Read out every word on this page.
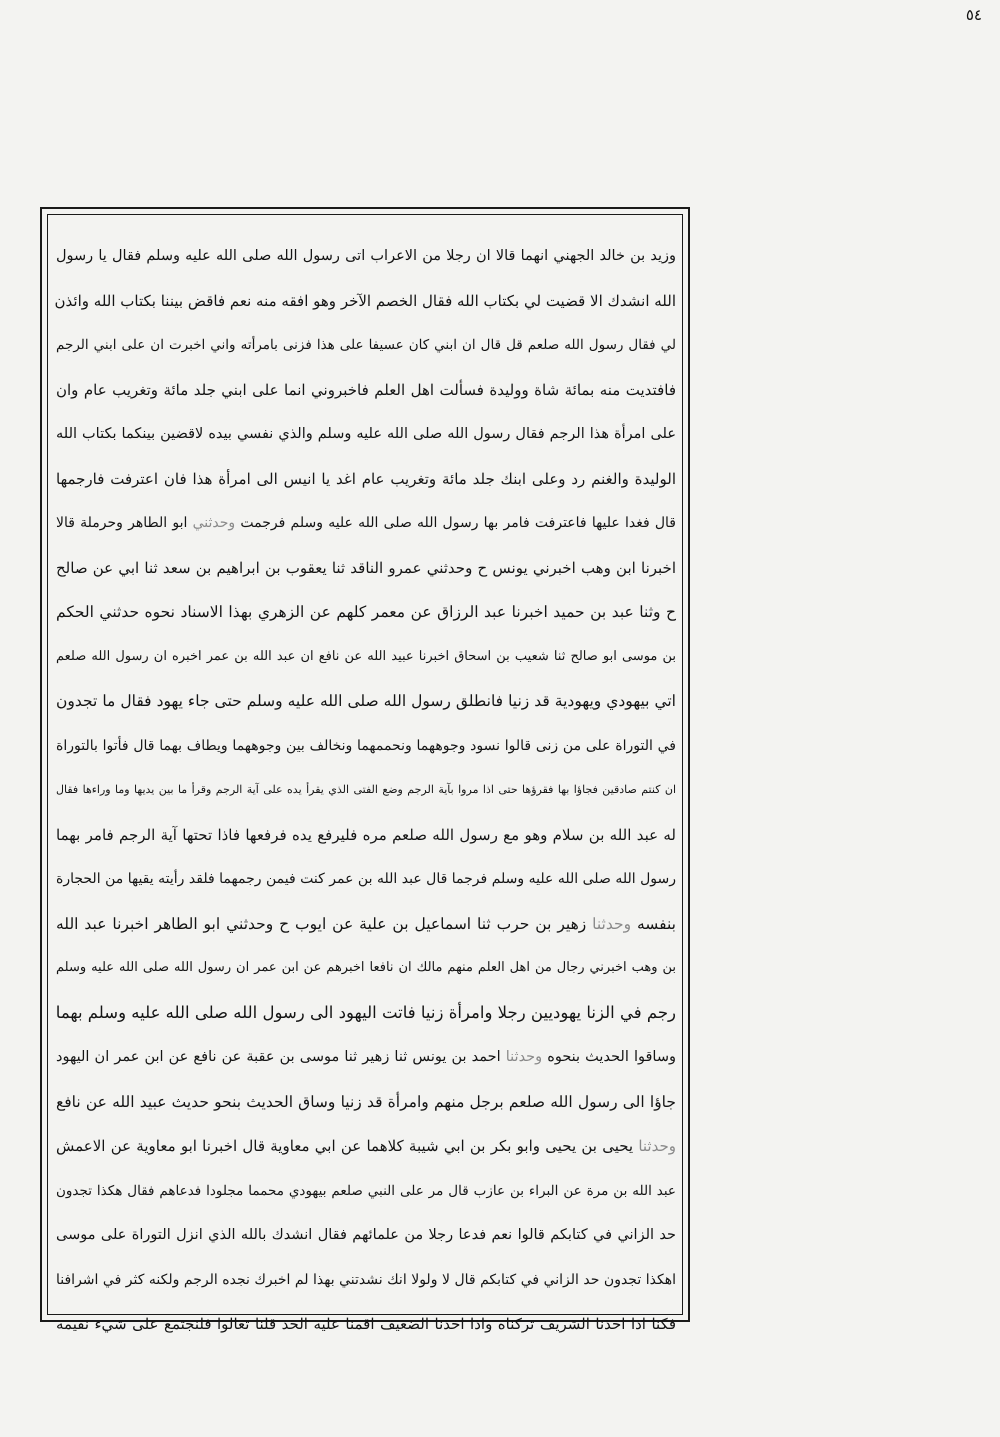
٥٤
وزيد بن خالد الجهني انهما قالا ان رجلا من الاعراب اتى رسول الله صلى الله عليه وسلم فقال يا رسول
الله انشدك الا قضيت لي بكتاب الله فقال الخصم الآخر وهو افقه منه نعم فاقض بيننا بكتاب الله وائذن
لي فقال رسول الله صلعم قل قال ان ابني كان عسيفا على هذا فزنى بامرأته واني اخبرت ان على ابني الرجم
فافتديت منه بمائة شاة ووليدة فسألت اهل العلم فاخبروني انما على ابني جلد مائة وتغريب عام وان
على امرأة هذا الرجم فقال رسول الله صلى الله عليه وسلم والذي نفسي بيده لاقضين بينكما بكتاب الله
الوليدة والغنم رد وعلى ابنك جلد مائة وتغريب عام اغد يا انيس الى امرأة هذا فان اعترفت فارجمها
قال فغدا عليها فاعترفت فامر بها رسول الله صلى الله عليه وسلم فرجمت وحدثني ابو الطاهر وحرملة قالا
اخبرنا ابن وهب اخبرني يونس ح وحدثني عمرو الناقد ثنا يعقوب بن ابراهيم بن سعد ثنا ابي عن صالح
ح وثنا عبد بن حميد اخبرنا عبد الرزاق عن معمر كلهم عن الزهري بهذا الاسناد نحوه حدثني الحكم
بن موسى ابو صالح ثنا شعيب بن اسحاق اخبرنا عبيد الله عن نافع ان عبد الله بن عمر اخبره ان رسول الله صلعم
اتي بيهودي ويهودية قد زنيا فانطلق رسول الله صلى الله عليه وسلم حتى جاء يهود فقال ما تجدون
في التوراة على من زنى قالوا نسود وجوههما ونحممهما ونخالف بين وجوههما ويطاف بهما قال فأتوا بالتوراة
ان كنتم صادقين فجاؤا بها فقرؤها حتى اذا مروا بآية الرجم وضع الفتى الذي يقرأ يده على آية الرجم وقرأ ما بين يديها وما وراءها فقال
له عبد الله بن سلام وهو مع رسول الله صلعم مره فليرفع يده فرفعها فاذا تحتها آية الرجم فامر بهما
رسول الله صلى الله عليه وسلم فرجما قال عبد الله بن عمر كنت فيمن رجمهما فلقد رأيته يقيها من الحجارة
بنفسه وحدثنا زهير بن حرب ثنا اسماعيل بن علية عن ايوب ح وحدثني ابو الطاهر اخبرنا عبد الله
بن وهب اخبرني رجال من اهل العلم منهم مالك ان نافعا اخبرهم عن ابن عمر ان رسول الله صلى الله عليه وسلم
رجم في الزنا يهوديين رجلا وامرأة زنيا فاتت اليهود الى رسول الله صلى الله عليه وسلم بهما
وساقوا الحديث بنحوه وحدثنا احمد بن يونس ثنا زهير ثنا موسى بن عقبة عن نافع عن ابن عمر ان اليهود
جاؤا الى رسول الله صلعم برجل منهم وامرأة قد زنيا وساق الحديث بنحو حديث عبيد الله عن نافع
وحدثنا يحيى بن يحيى وابو بكر بن ابي شيبة كلاهما عن ابي معاوية قال اخبرنا ابو معاوية عن الاعمش
عبد الله بن مرة عن البراء بن عازب قال مر على النبي صلعم بيهودي محمما مجلودا فدعاهم فقال هكذا تجدون
حد الزاني في كتابكم قالوا نعم فدعا رجلا من علمائهم فقال انشدك بالله الذي انزل التوراة على موسى
اهكذا تجدون حد الزاني في كتابكم قال لا ولولا انك نشدتني بهذا لم اخبرك نجده الرجم ولكنه كثر في اشرافنا
فكنا اذا اخذنا الشريف تركناه واذا اخذنا الضعيف اقمنا عليه الحد قلنا تعالوا فلنجتمع على شيء نقيمه
